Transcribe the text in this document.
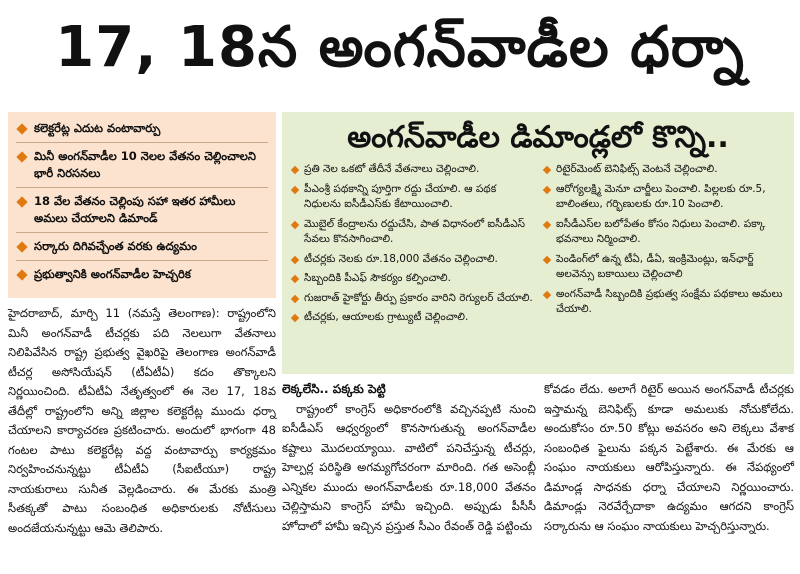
17, 18న అంగన్‌వాడీల ధర్నా
కలెక్టరేట్ల ఎదుట వంటావార్పు
మినీ అంగన్‌వాడీల 10 నెలల వేతనం చెల్లించాలని భారీ నిరసనలు
18 వేల వేతనం చెల్లింపు సహా ఇతర హామీలు అమలు చేయాలని డిమాండ్
సర్కారు దిగివచ్చేంత వరకు ఉద్యమం
ప్రభుత్వానికి అంగన్‌వాడీల హెచ్చరిక
అంగన్‌వాడీల డిమాండ్లలో కొన్ని..
ప్రతి నెల ఒకటో తేదీనే వేతనాలు చెల్లించాలి.
పీఎంశ్రీ పథకాన్ని పూర్తిగా రద్దు చేయాలి. ఆ పథక నిధులను ఐసీడీఎస్‌కు కేటాయించాలి.
మొబైల్ కేంద్రాలను రద్దుచేసి, పాత విధానంలో ఐసీడీఎస్ సేవలు కొనసాగించాలి.
టీచర్లకు నెలకు రూ.18,000 వేతనం చెల్లించాలి.
సిబ్బందికి పీఎఫ్ సౌకర్యం కల్పించాలి.
గుజరాత్ హైకోర్టు తీర్పు ప్రకారం వారిని రెగ్యులర్ చేయాలి.
టీచర్లకు, ఆయాలకు గ్రాట్యుటీ చెల్లించాలి.
రిటైర్‌మెంట్ బెనిఫిట్స్ వెంటనే చెల్లించాలి.
ఆరోగ్యలక్ష్మి మెనూ చార్జీలు పెంచాలి. పిల్లలకు రూ.5, బాలింతలు, గర్భిణులకు రూ.10 పెంచాలి.
ఐసీడీఎస్‌ల బలోపేతం కోసం నిధులు పెంచాలి. పక్కా భవనాలు నిర్మించాలి.
పెండింగ్‌లో ఉన్న టీఏ, డీఏ, ఇంక్రిమెంట్లు, ఇన్‌ఛార్జ్ అలవెన్సు బకాయిలు చెల్లించాలి
అంగన్‌వాడీ సిబ్బందికి ప్రభుత్వ సంక్షేమ పథకాలు అమలు చేయాలి.
హైదరాబాద్, మార్చి 11 (నమస్తే తెలంగాణ): రాష్ట్రంలోని మినీ అంగన్‌వాడీ టీచర్లకు పది నెలలుగా వేతనాలు నిలిపివేసిన రాష్ట్ర ప్రభుత్వ వైఖరిపై తెలంగాణ అంగన్‌వాడీ టీచర్ల అసోసియేషన్ (టీఏటీఏ) కదం తొక్కాలని నిర్ణయించింది. టీఏటీఏ నేతృత్వంలో ఈ నెల 17, 18వ తేదీల్లో రాష్ట్రంలోని అన్ని జిల్లాల కలెక్టరేట్ల ముందు ధర్నా చేయాలని కార్యాచరణ ప్రకటించారు. అందులో భాగంగా 48 గంటల పాటు కలెక్టరేట్ల వద్ద వంటావార్పు కార్యక్రమం నిర్వహించనున్నట్టు టీఏటీఏ (సీఐటీయూ) రాష్ట్ర నాయకురాలు సునీత వెల్లడించారు. ఈ మేరకు మంత్రి సీతక్కతో పాటు సంబంధిత అధికారులకు నోటీసులు అందజేయనున్నట్టు ఆమె తెలిపారు.
లెక్కలేసి.. పక్కకు పెట్టి
రాష్ట్రంలో కాంగ్రెస్ అధికారంలోకి వచ్చినప్పటి నుంచి ఐసీడీఎస్ ఆధ్వర్యంలో కొనసాగుతున్న అంగన్‌వాడీల కష్టాలు మొదలయ్యాయి. వాటిలో పనిచేస్తున్న టీచర్లు, హెల్పర్ల పరిస్థితి అగమ్యగోచరంగా మారింది. గత అసెంబ్లీ ఎన్నికల ముందు అంగన్‌వాడీలకు రూ.18,000 వేతనం చెల్లిస్తామని కాంగ్రెస్ హామీ ఇచ్చింది. అప్పుడు పీసీసీ హోదాలో హామీ ఇచ్చిన ప్రస్తుత సీఎం రేవంత్ రెడ్డి పట్టించు
కోవడం లేదు. అలాగే రిటైర్ అయిన అంగన్‌వాడీ టీచర్లకు ఇస్తామన్న బెనిఫిట్స్ కూడా అమలుకు నోచుకోలేదు. అందుకోసం రూ.50 కోట్లు అవసరం అని లెక్కలు వేశాక సంబంధిత ఫైలును పక్కన పెట్టేశారు. ఈ మేరకు ఆ సంఘం నాయకులు ఆరోపిస్తున్నారు. ఈ నేపథ్యంలో డిమాండ్ల సాధనకు ధర్నా చేయాలని నిర్ణయించారు. డిమాండ్లు నెరవేర్చేదాకా ఉద్యమం ఆగదని కాంగ్రెస్ సర్కారును ఆ సంఘం నాయకులు హెచ్చరిస్తున్నారు.
